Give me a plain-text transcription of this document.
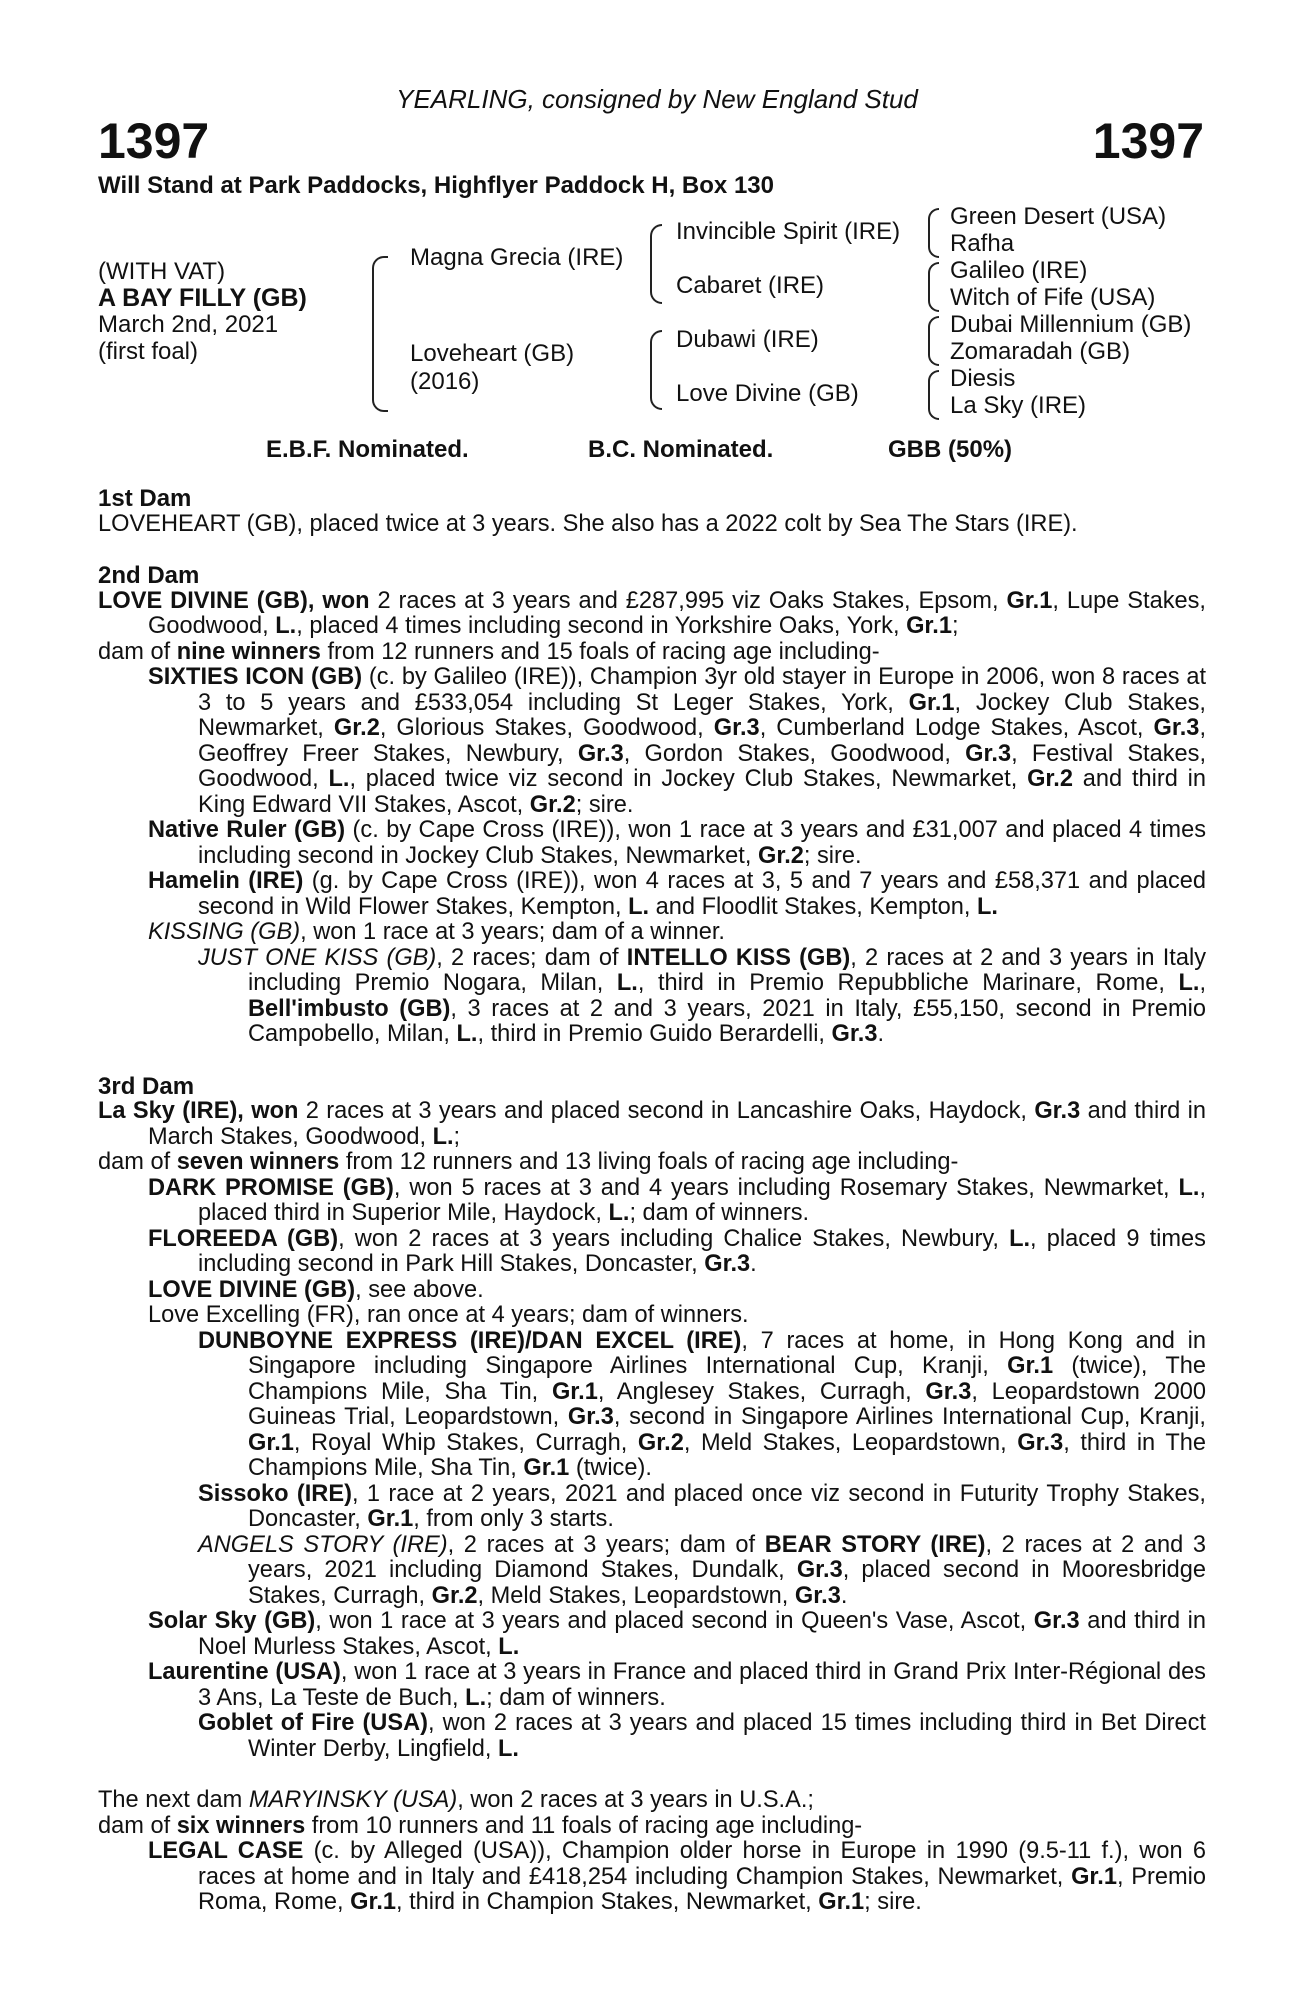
YEARLING, consigned by New England Stud
1397	1397
Will Stand at Park Paddocks, Highflyer Paddock H, Box 130
(WITH VAT)
A BAY FILLY (GB)
March 2nd, 2021
(first foal)
Magna Grecia (IRE)
Loveheart (GB)
(2016)
Invincible Spirit (IRE)
Cabaret (IRE)
Dubawi (IRE)
Love Divine (GB)
Green Desert (USA)
Rafha
Galileo (IRE)
Witch of Fife (USA)
Dubai Millennium (GB)
Zomaradah (GB)
Diesis
La Sky (IRE)
E.B.F. Nominated.	B.C. Nominated.	GBB (50%)

1st Dam

LOVEHEART (GB), placed twice at 3 years. She also has a 2022 colt by Sea The Stars (IRE).

2nd Dam

LOVE DIVINE (GB), won 2 races at 3 years and £287,995 viz Oaks Stakes, Epsom, Gr.1, Lupe Stakes, Goodwood, L., placed 4 times including second in Yorkshire Oaks, York, Gr.1;

dam of nine winners from 12 runners and 15 foals of racing age including-

SIXTIES ICON (GB) (c. by Galileo (IRE)), Champion 3yr old stayer in Europe in 2006, won 8 races at 3 to 5 years and £533,054 including St Leger Stakes, York, Gr.1, Jockey Club Stakes, Newmarket, Gr.2, Glorious Stakes, Goodwood, Gr.3, Cumberland Lodge Stakes, Ascot, Gr.3, Geoffrey Freer Stakes, Newbury, Gr.3, Gordon Stakes, Goodwood, Gr.3, Festival Stakes, Goodwood, L., placed twice viz second in Jockey Club Stakes, Newmarket, Gr.2 and third in King Edward VII Stakes, Ascot, Gr.2; sire.

Native Ruler (GB) (c. by Cape Cross (IRE)), won 1 race at 3 years and £31,007 and placed 4 times including second in Jockey Club Stakes, Newmarket, Gr.2; sire.

Hamelin (IRE) (g. by Cape Cross (IRE)), won 4 races at 3, 5 and 7 years and £58,371 and placed second in Wild Flower Stakes, Kempton, L. and Floodlit Stakes, Kempton, L.

KISSING (GB), won 1 race at 3 years; dam of a winner.

JUST ONE KISS (GB), 2 races; dam of INTELLO KISS (GB), 2 races at 2 and 3 years in Italy including Premio Nogara, Milan, L., third in Premio Repubbliche Marinare, Rome, L., Bell'imbusto (GB), 3 races at 2 and 3 years, 2021 in Italy, £55,150, second in Premio Campobello, Milan, L., third in Premio Guido Berardelli, Gr.3.

3rd Dam

La Sky (IRE), won 2 races at 3 years and placed second in Lancashire Oaks, Haydock, Gr.3 and third in March Stakes, Goodwood, L.;

dam of seven winners from 12 runners and 13 living foals of racing age including-

DARK PROMISE (GB), won 5 races at 3 and 4 years including Rosemary Stakes, Newmarket, L., placed third in Superior Mile, Haydock, L.; dam of winners.

FLOREEDA (GB), won 2 races at 3 years including Chalice Stakes, Newbury, L., placed 9 times including second in Park Hill Stakes, Doncaster, Gr.3.

LOVE DIVINE (GB), see above.

Love Excelling (FR), ran once at 4 years; dam of winners.

DUNBOYNE EXPRESS (IRE)/DAN EXCEL (IRE), 7 races at home, in Hong Kong and in Singapore including Singapore Airlines International Cup, Kranji, Gr.1 (twice), The Champions Mile, Sha Tin, Gr.1, Anglesey Stakes, Curragh, Gr.3, Leopardstown 2000 Guineas Trial, Leopardstown, Gr.3, second in Singapore Airlines International Cup, Kranji, Gr.1, Royal Whip Stakes, Curragh, Gr.2, Meld Stakes, Leopardstown, Gr.3, third in The Champions Mile, Sha Tin, Gr.1 (twice).

Sissoko (IRE), 1 race at 2 years, 2021 and placed once viz second in Futurity Trophy Stakes, Doncaster, Gr.1, from only 3 starts.

ANGELS STORY (IRE), 2 races at 3 years; dam of BEAR STORY (IRE), 2 races at 2 and 3 years, 2021 including Diamond Stakes, Dundalk, Gr.3, placed second in Mooresbridge Stakes, Curragh, Gr.2, Meld Stakes, Leopardstown, Gr.3.

Solar Sky (GB), won 1 race at 3 years and placed second in Queen's Vase, Ascot, Gr.3 and third in Noel Murless Stakes, Ascot, L.

Laurentine (USA), won 1 race at 3 years in France and placed third in Grand Prix Inter-Régional des 3 Ans, La Teste de Buch, L.; dam of winners.

Goblet of Fire (USA), won 2 races at 3 years and placed 15 times including third in Bet Direct Winter Derby, Lingfield, L.

The next dam MARYINSKY (USA), won 2 races at 3 years in U.S.A.;

dam of six winners from 10 runners and 11 foals of racing age including-

LEGAL CASE (c. by Alleged (USA)), Champion older horse in Europe in 1990 (9.5-11 f.), won 6 races at home and in Italy and £418,254 including Champion Stakes, Newmarket, Gr.1, Premio Roma, Rome, Gr.1, third in Champion Stakes, Newmarket, Gr.1; sire.
